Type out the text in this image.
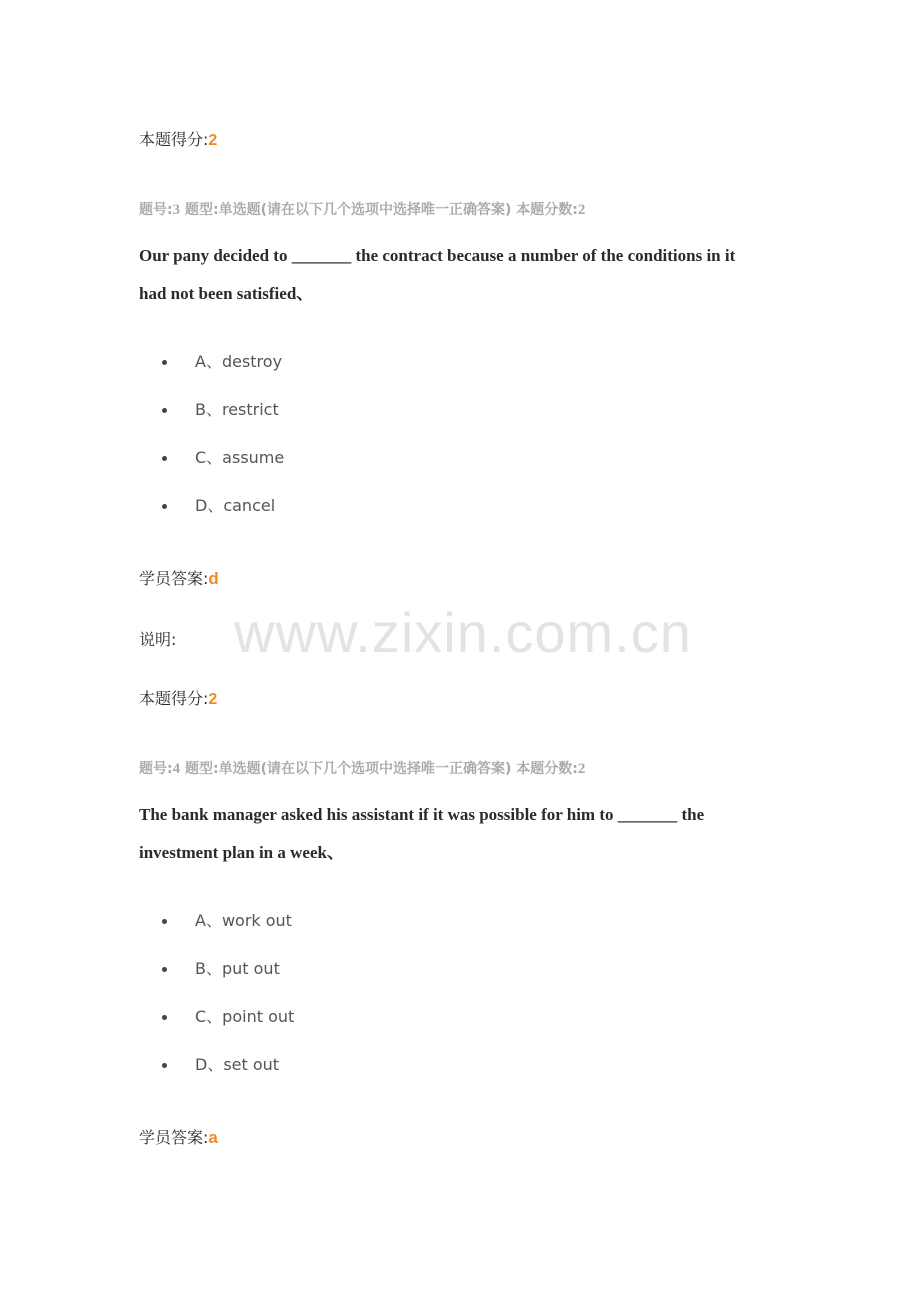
www.zixin.com.cn
本题得分:2
题号:3 题型:单选题(请在以下几个选项中选择唯一正确答案) 本题分数:2
Our pany decided to _______ the contract because a number of the conditions in it
had not been satisfied、
A、destroy
B、restrict
C、assume
D、cancel
学员答案:d
说明:
本题得分:2
题号:4 题型:单选题(请在以下几个选项中选择唯一正确答案) 本题分数:2
The bank manager asked his assistant if it was possible for him to _______ the
investment plan in a week、
A、work out
B、put out
C、point out
D、set out
学员答案:a
